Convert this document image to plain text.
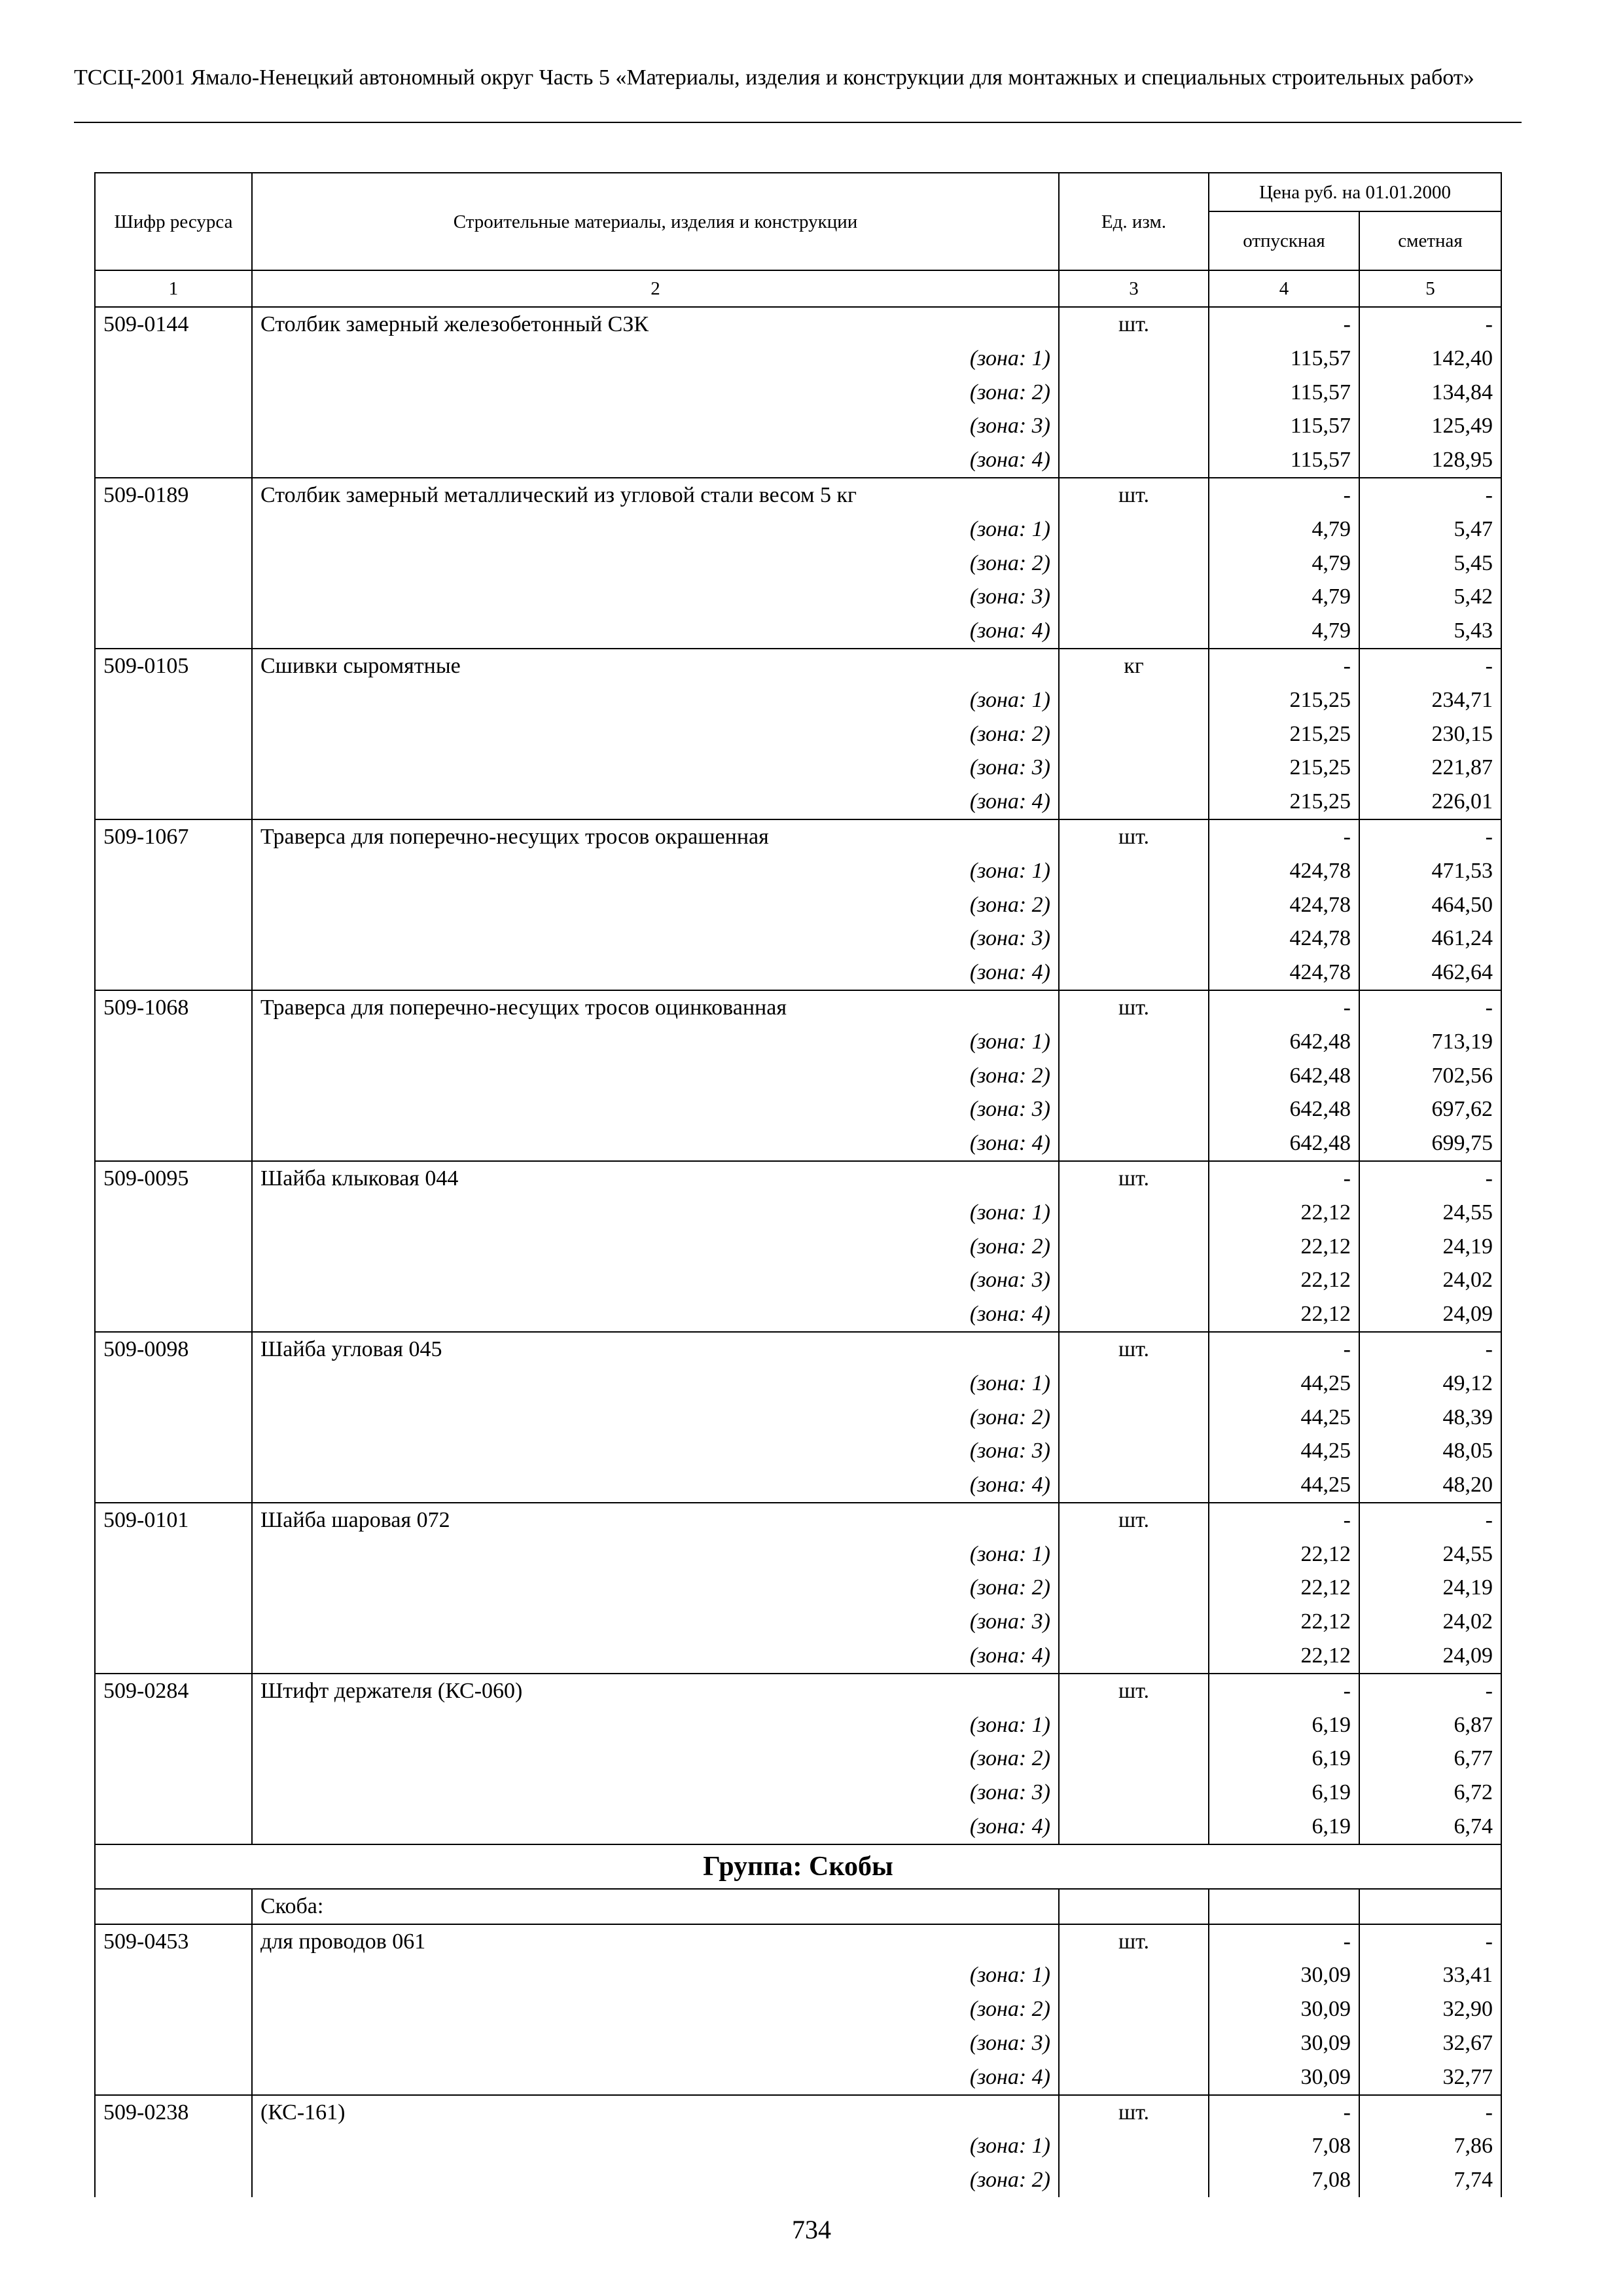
ТССЦ-2001 Ямало-Ненецкий автономный округ Часть 5 «Материалы, изделия и конструкции для монтажных и специальных строительных работ»
Шифр ресурса	Строительные материалы, изделия и конструкции	Ед. изм.	Цена руб. на 01.01.2000	
			отпускная	сметная
1	2	3	4	5
509-0144	Столбик замерный железобетонный СЗК	шт.	-	-
	(зона: 1)		115,57	142,40
	(зона: 2)		115,57	134,84
	(зона: 3)		115,57	125,49
	(зона: 4)		115,57	128,95
509-0189	Столбик замерный металлический из угловой стали весом 5 кг	шт.	-	-
	(зона: 1)		4,79	5,47
	(зона: 2)		4,79	5,45
	(зона: 3)		4,79	5,42
	(зона: 4)		4,79	5,43
509-0105	Сшивки сыромятные	кг	-	-
	(зона: 1)		215,25	234,71
	(зона: 2)		215,25	230,15
	(зона: 3)		215,25	221,87
	(зона: 4)		215,25	226,01
509-1067	Траверса для поперечно-несущих тросов окрашенная	шт.	-	-
	(зона: 1)		424,78	471,53
	(зона: 2)		424,78	464,50
	(зона: 3)		424,78	461,24
	(зона: 4)		424,78	462,64
509-1068	Траверса для поперечно-несущих тросов оцинкованная	шт.	-	-
	(зона: 1)		642,48	713,19
	(зона: 2)		642,48	702,56
	(зона: 3)		642,48	697,62
	(зона: 4)		642,48	699,75
509-0095	Шайба клыковая 044	шт.	-	-
	(зона: 1)		22,12	24,55
	(зона: 2)		22,12	24,19
	(зона: 3)		22,12	24,02
	(зона: 4)		22,12	24,09
509-0098	Шайба угловая 045	шт.	-	-
	(зона: 1)		44,25	49,12
	(зона: 2)		44,25	48,39
	(зона: 3)		44,25	48,05
	(зона: 4)		44,25	48,20
509-0101	Шайба шаровая 072	шт.	-	-
	(зона: 1)		22,12	24,55
	(зона: 2)		22,12	24,19
	(зона: 3)		22,12	24,02
	(зона: 4)		22,12	24,09
509-0284	Штифт держателя (КС-060)	шт.	-	-
	(зона: 1)		6,19	6,87
	(зона: 2)		6,19	6,77
	(зона: 3)		6,19	6,72
	(зона: 4)		6,19	6,74
Группа: Скобы				
	Скоба:			
509-0453	для проводов 061	шт.	-	-
	(зона: 1)		30,09	33,41
	(зона: 2)		30,09	32,90
	(зона: 3)		30,09	32,67
	(зона: 4)		30,09	32,77
509-0238	(КС-161)	шт.	-	-
	(зона: 1)		7,08	7,86
	(зона: 2)		7,08	7,74
734
